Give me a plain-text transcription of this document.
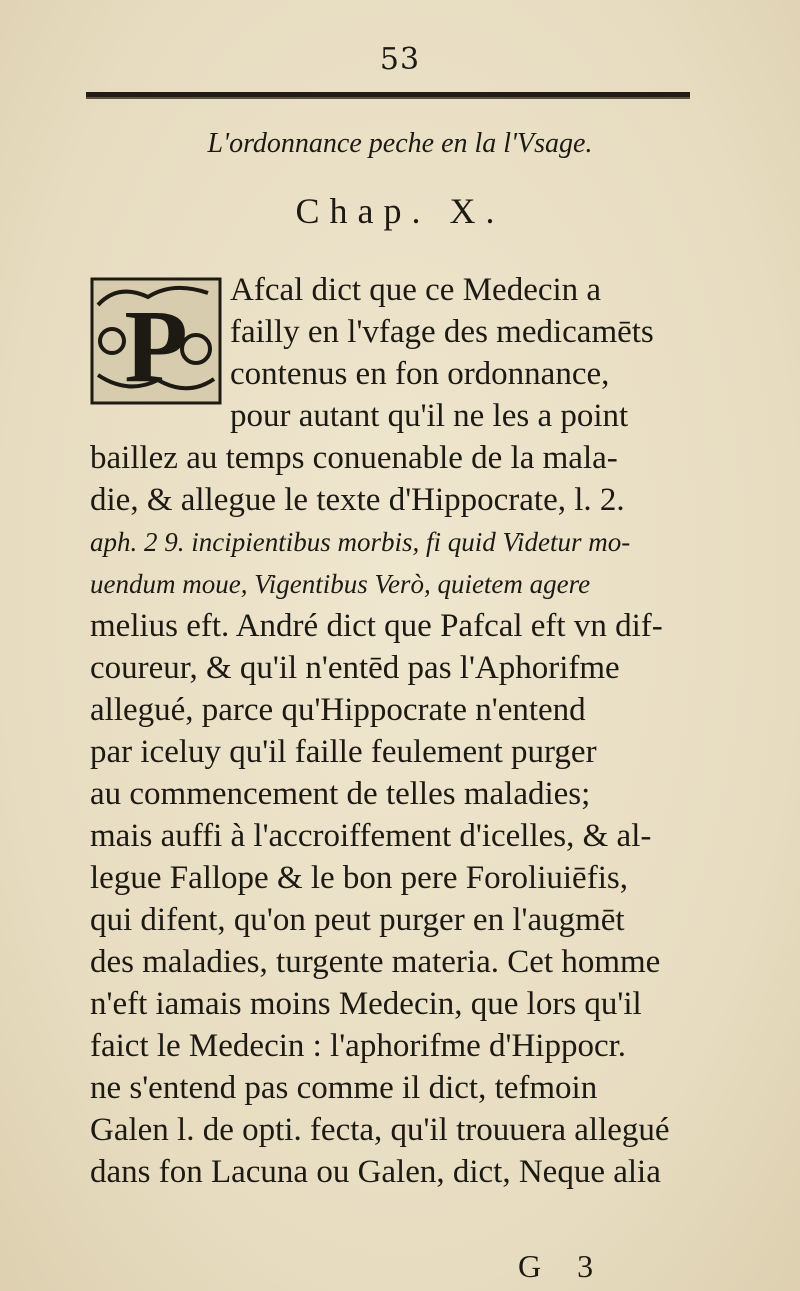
53
L'ordonnance peche en la l'Vsage.
Chap. X.
P Afcal dict que ce Medecin a
failly en l'vfage des medicamēts
contenus en fon ordonnance,
pour autant qu'il ne les a point
baillez au temps conuenable de la mala-
die, & allegue le texte d'Hippocrate, l. 2.
aph. 2 9. incipientibus morbis, fi quid Videtur mo-
uendum moue, Vigentibus Verò, quietem agere
melius eft. André dict que Pafcal eft vn dif-
coureur, & qu'il n'entēd pas l'Aphorifme
allegué, parce qu'Hippocrate n'entend
par iceluy qu'il faille feulement purger
au commencement de telles maladies;
mais auffi à l'accroiffement d'icelles, & al-
legue Fallope & le bon pere Foroliuiēfis,
qui difent, qu'on peut purger en l'augmēt
des maladies, turgente materia. Cet homme
n'eft iamais moins Medecin, que lors qu'il
faict le Medecin : l'aphorifme d'Hippocr.
ne s'entend pas comme il dict, tefmoin
Galen l. de opti. fecta, qu'il trouuera allegué
dans fon Lacuna ou Galen, dict, Neque alia
G 3
